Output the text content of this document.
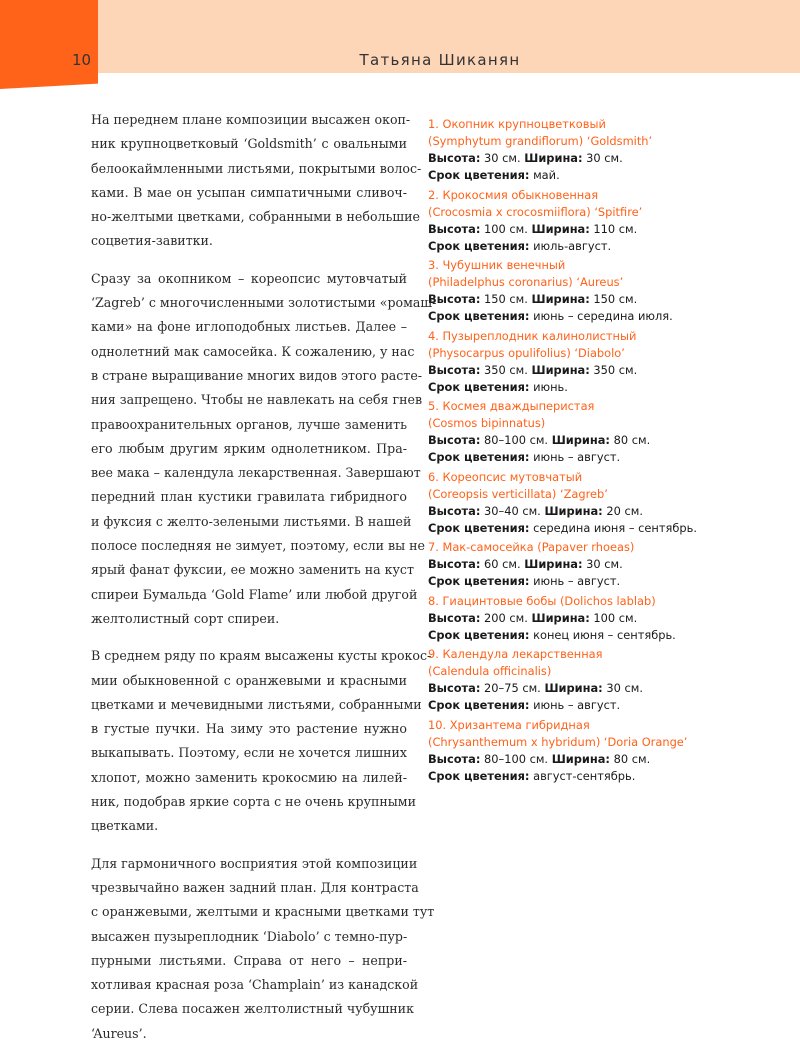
10	Татьяна Шиканян
На переднем плане композиции высажен окоп-
ник крупноцветковый ‘Goldsmith’ с овальными
белоокаймленными листьями, покрытыми волос-
ками. В мае он усыпан симпатичными сливоч-
но-желтыми цветками, собранными в небольшие
соцветия-завитки.
Сразу за окопником – кореопсис мутовчатый
‘Zagreb’ с многочисленными золотистыми «ромаш-
ками» на фоне иглоподобных листьев. Далее –
однолетний мак самосейка. К сожалению, у нас
в стране выращивание многих видов этого расте-
ния запрещено. Чтобы не навлекать на себя гнев
правоохранительных органов, лучше заменить
его любым другим ярким однолетником. Пра-
вее мака – календула лекарственная. Завершают
передний план кустики гравилата гибридного
и фуксия с желто-зелеными листьями. В нашей
полосе последняя не зимует, поэтому, если вы не
ярый фанат фуксии, ее можно заменить на куст
спиреи Бумальда ‘Gold Flame’ или любой другой
желтолистный сорт спиреи.
В среднем ряду по краям высажены кусты крокос-
мии обыкновенной с оранжевыми и красными
цветками и мечевидными листьями, собранными
в густые пучки. На зиму это растение нужно
выкапывать. Поэтому, если не хочется лишних
хлопот, можно заменить крокосмию на лилей-
ник, подобрав яркие сорта с не очень крупными
цветками.
Для гармоничного восприятия этой композиции
чрезвычайно важен задний план. Для контраста
с оранжевыми, желтыми и красными цветками тут
высажен пузыреплодник ‘Diabolo’ с темно-пур-
пурными листьями. Справа от него – непри-
хотливая красная роза ‘Champlain’ из канадской
серии. Слева посажен желтолистный чубушник
‘Aureus’.
1. Окопник крупноцветковый
(Symphytum grandiflorum) ‘Goldsmith’
Высота: 30 см. Ширина: 30 см.
Срок цветения: май.
2. Крокосмия обыкновенная
(Crocosmia x crocosmiiflora) ‘Spitfire’
Высота: 100 см. Ширина: 110 см.
Срок цветения: июль-август.
3. Чубушник венечный
(Philadelphus coronarius) ‘Aureus’
Высота: 150 см. Ширина: 150 см.
Срок цветения: июнь – середина июля.
4. Пузыреплодник калинолистный
(Physocarpus opulifolius) ‘Diabolo’
Высота: 350 см. Ширина: 350 см.
Срок цветения: июнь.
5. Космея дваждыперистая
(Cosmos bipinnatus)
Высота: 80–100 см. Ширина: 80 см.
Срок цветения: июнь – август.
6. Кореопсис мутовчатый
(Coreopsis verticillata) ‘Zagreb’
Высота: 30–40 см. Ширина: 20 см.
Срок цветения: середина июня – сентябрь.
7. Мак-самосейка (Papaver rhoeas)
Высота: 60 см. Ширина: 30 см.
Срок цветения: июнь – август.
8. Гиацинтовые бобы (Dolichos lablab)
Высота: 200 см. Ширина: 100 см.
Срок цветения: конец июня – сентябрь.
9. Календула лекарственная
(Calendula officinalis)
Высота: 20–75 см. Ширина: 30 см.
Срок цветения: июнь – август.
10. Хризантема гибридная
(Chrysanthemum x hybridum) ‘Doria Orange’
Высота: 80–100 см. Ширина: 80 см.
Срок цветения: август-сентябрь.
